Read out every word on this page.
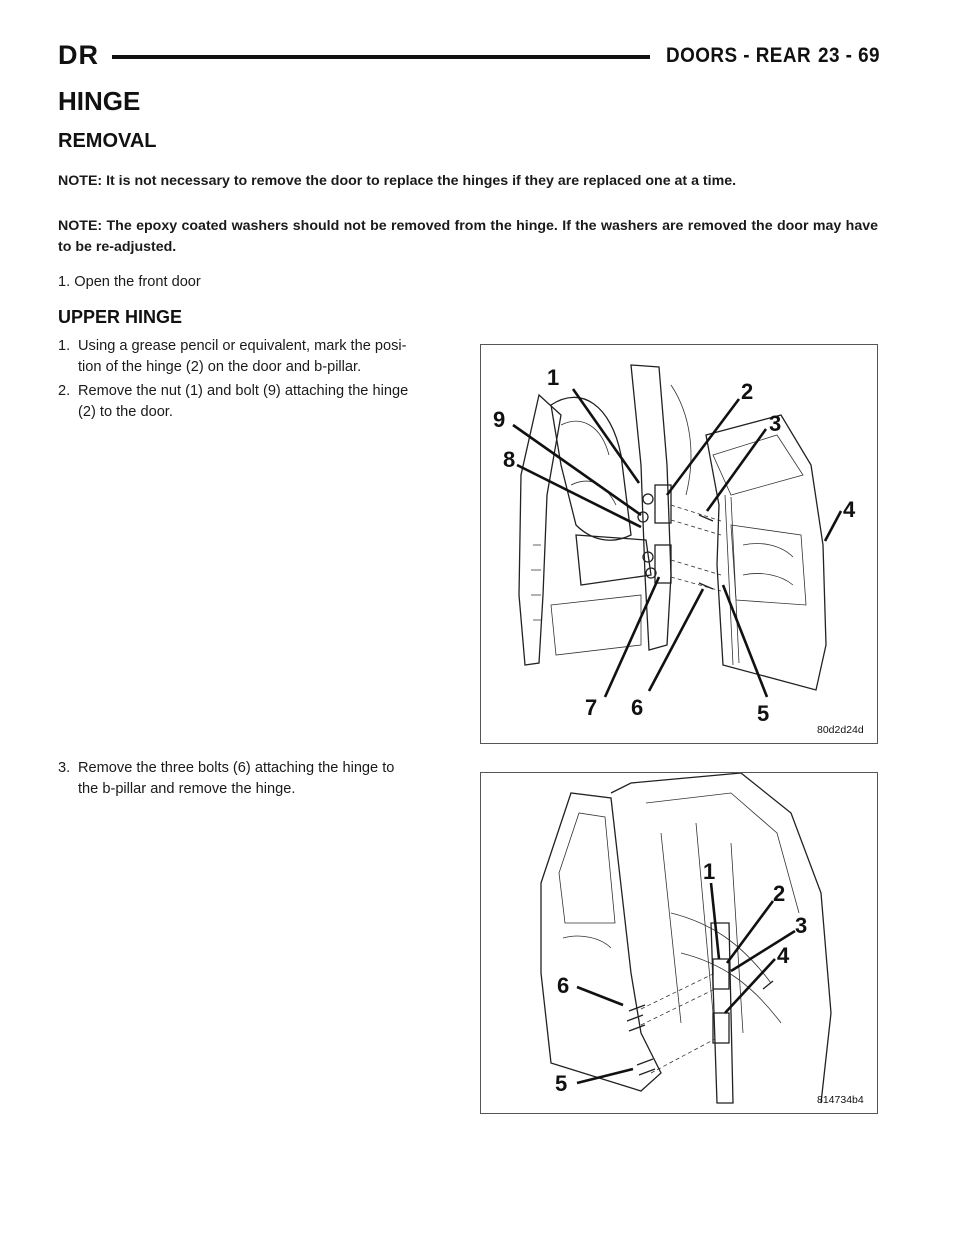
DR	DOORS - REAR 23 - 69
HINGE
REMOVAL
NOTE: It is not necessary to remove the door to replace the hinges if they are replaced one at a time.
NOTE: The epoxy coated washers should not be removed from the hinge. If the washers are removed the door may have to be re-adjusted.
1. Open the front door
UPPER HINGE
1. Using a grease pencil or equivalent, mark the posi-
tion of the hinge (2) on the door and b-pillar.
2. Remove the nut (1) and bolt (9) attaching the hinge
(2) to the door.
3. Remove the three bolts (6) attaching the hinge to
the b-pillar and remove the hinge.
1
2
3
4
5
6
7
8
9
80d2d24d
1
2
3
4
5
6
814734b4
